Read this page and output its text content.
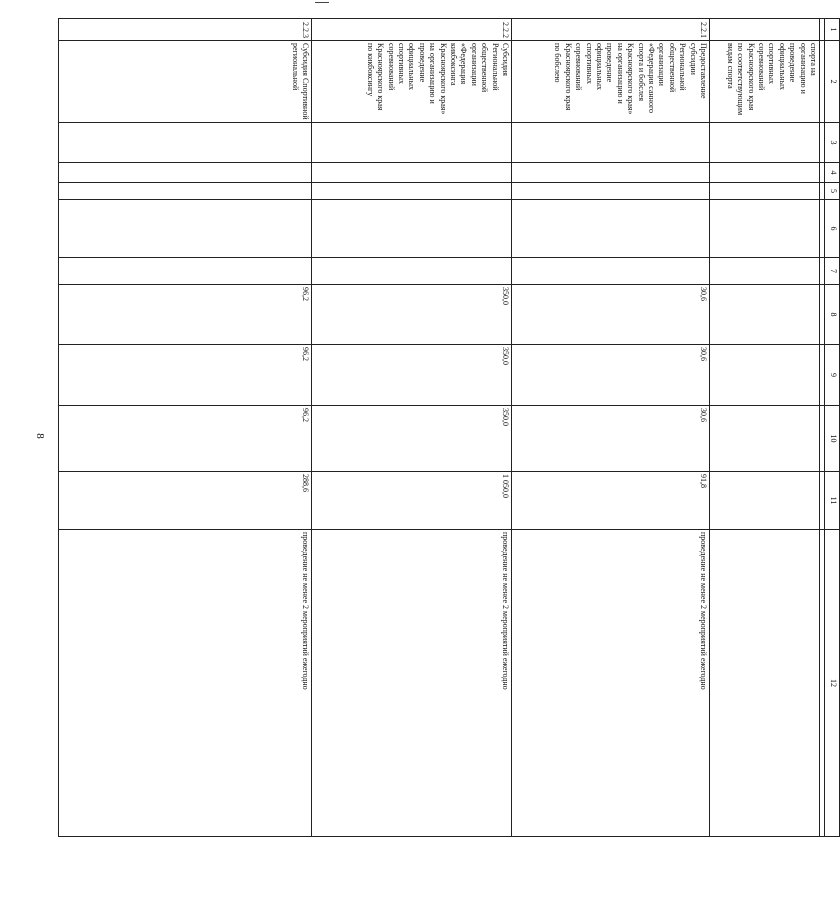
8
1	2	3	4	5	6	7	8	9	10	11	12

	спорта на организацию и проведение официальных спортивных соревнований Красноярского края по соответствующим видам спорта										
2.2.1	Предоставление субсидии Региональной общественной организации «Федерация санного спорта и бобслея Красноярского края» на организацию и проведение официальных спортивных соревнований Красноярского края по бобслею						30,6	30,6	30,6	91,8	проведение не менее 2 мероприятий ежегодно
2.2.2	Субсидия Региональной общественной организации «Федерация кикбоксинга Красноярского края» на организацию и проведение официальных спортивных соревнований Красноярского края по кикбоксингу						350,0	350,0	350,0	1 050,0	проведение не менее 2 мероприятий ежегодно
2.2.3	Субсидия Спортивной региональной						96,2	96,2	96,2	288,6	проведение не менее 2 мероприятий ежегодно
